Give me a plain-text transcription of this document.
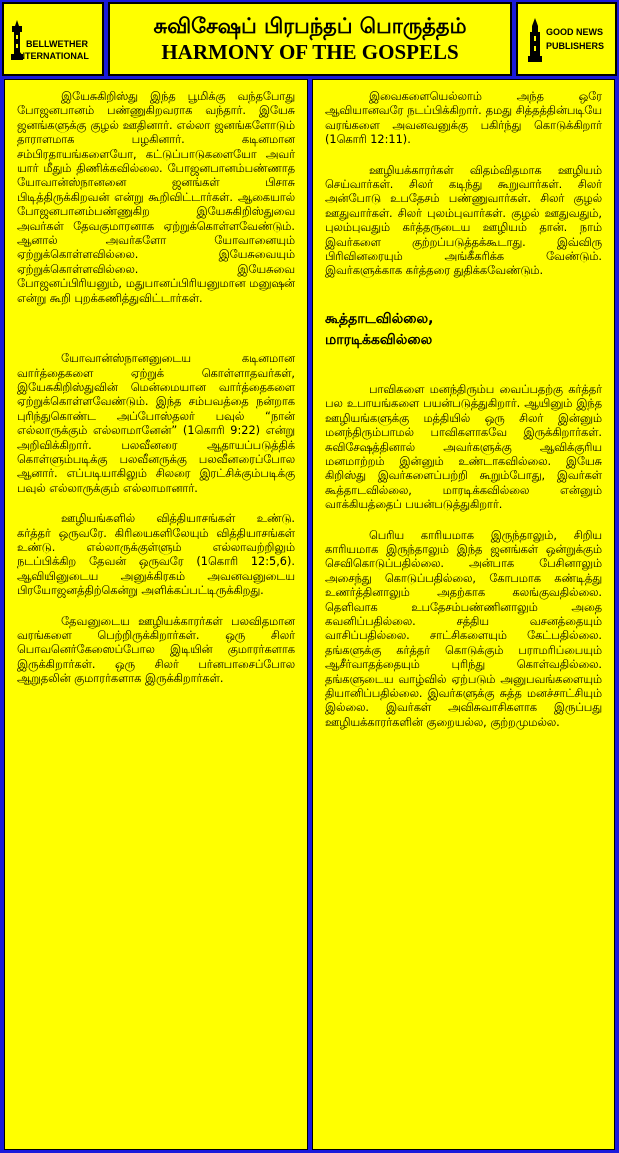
BELLWETHER
INTERNATIONAL
சுவிசேஷப் பிரபந்தப் பொருத்தம்
HARMONY OF THE GOSPELS
GOOD NEWS
PUBLISHERS

இயேசுகிறிஸ்து இந்த பூமிக்கு வந்தபோது போஜனபானம் பண்ணுகிறவராக வந்தார். இயேசு ஜனங்களுக்கு குழல் ஊதினார். எல்லா ஜனங்களோடும் தாராளமாக பழகினார். கடினமான சம்பிரதாயங்களையோ, கட்டுப்பாடுகளையோ அவர் யார் மீதும் திணிக்கவில்லை. போஜனபானம்பண்ணாத யோவான்ஸ்நானனை ஜனங்கள் பிசாசு பிடித்திருக்கிறவன் என்று கூறிவிட்டார்கள். ஆகையால் போஜனபானம்பண்ணுகிற இயேசுகிறிஸ்துவை அவர்கள் தேவகுமாரனாக ஏற்றுக்கொள்ளவேண்டும். ஆனால் அவர்களோ யோவானையும் ஏற்றுக்கொள்ளவில்லை. இயேசுவையும் ஏற்றுக்கொள்ளவில்லை. இயேசுவை போஜனப்பிரியனும், மதுபானப்பிரியனுமான மனுஷன் என்று கூறி புறக்கணித்துவிட்டார்கள்.

யோவான்ஸ்நானனுடைய கடினமான வார்த்தைகளை ஏற்றுக் கொள்ளாதவர்கள், இயேசுகிறிஸ்துவின் மென்மையான வார்த்தைகளை ஏற்றுக்கொள்ளவேண்டும். இந்த சம்பவத்தை நன்றாக புரிந்துகொண்ட அப்போஸ்தலர் பவுல் “நான் எல்லாருக்கும் எல்லாமானேன்” (1கொரி 9:22) என்று அறிவிக்கிறார். பலவீனரை ஆதாயப்படுத்திக் கொள்ளும்படிக்கு பலவீனருக்கு பலவீனரைப்போல ஆனார். எப்படியாகிலும் சிலரை இரட்சிக்கும்படிக்கு பவுல் எல்லாருக்கும் எல்லாமானார்.

ஊழியங்களில் வித்தியாசங்கள் உண்டு. கர்த்தர் ஒருவரே. கிரியைகளிலேயும் வித்தியாசங்கள் உண்டு. எல்லாருக்குள்ளும் எல்லாவற்றிலும் நடப்பிக்கிற தேவன் ஒருவரே (1கொரி 12:5,6). ஆவியினுடைய அனுக்கிரகம் அவனவனுடைய பிரயோஜனத்திற்கென்று அளிக்கப்பட்டிருக்கிறது.

தேவனுடைய ஊழியக்காரர்கள் பலவிதமான வரங்களை பெற்றிருக்கிறார்கள். ஒரு சிலர் பொவனெர்கேஸைப்போல இடியின் குமாரர்களாக இருக்கிறார்கள். ஒரு சிலர் பர்னபாசைப்போல ஆறுதலின் குமாரர்களாக இருக்கிறார்கள்.

இவைகளையெல்லாம் அந்த ஒரே ஆவியானவரே நடப்பிக்கிறார். தமது சித்தத்தின்படியே வரங்களை அவனவனுக்கு பகிர்ந்து கொடுக்கிறார் (1கொரி 12:11).

ஊழியக்காரர்கள் விதம்விதமாக ஊழியம் செய்வார்கள். சிலர் கடிந்து கூறுவார்கள். சிலர் அன்போடு உபதேசம் பண்ணுவார்கள். சிலர் குழல் ஊதுவார்கள். சிலர் புலம்புவார்கள். குழல் ஊதுவதும், புலம்புவதும் கர்த்தருடைய ஊழியம் தான். நாம் இவர்களை குற்றப்படுத்தக்கூடாது. இவ்விரு பிரிவினரையும் அங்கீகரிக்க வேண்டும். இவர்களுக்காக கர்த்தரை துதிக்கவேண்டும்.

கூத்தாடவில்லை,
மாரடிக்கவில்லை

பாவிகளை மனந்திரும்ப வைப்பதற்கு கர்த்தர் பல உபாயங்களை பயன்படுத்துகிறார். ஆயினும் இந்த ஊழியங்களுக்கு மத்தியில் ஒரு சிலர் இன்னும் மனந்திரும்பாமல் பாவிகளாகவே இருக்கிறார்கள். சுவிசேஷத்தினால் அவர்களுக்கு ஆவிக்குரிய மனமாற்றம் இன்னும் உண்டாகவில்லை. இயேசு கிறிஸ்து இவர்களைப்பற்றி கூறும்போது, இவர்கள் கூத்தாடவில்லை, மாரடிக்கவில்லை என்னும் வாக்கியத்தைப் பயன்படுத்துகிறார்.

பெரிய காரியமாக இருந்தாலும், சிறிய காரியமாக இருந்தாலும் இந்த ஜனங்கள் ஒன்றுக்கும் செவிகொடுப்பதில்லை. அன்பாக பேசினாலும் அசைந்து கொடுப்பதில்லை, கோபமாக கண்டித்து உணர்த்தினாலும் அதற்காக கலங்குவதில்லை. தெளிவாக உபதேசம்பண்ணினாலும் அதை கவனிப்பதில்லை. சத்திய வசனத்தையும் வாசிப்பதில்லை. சாட்சிகளையும் கேட்பதில்லை. தங்களுக்கு கர்த்தர் கொடுக்கும் பராமரிப்பையும் ஆசீர்வாதத்தையும் புரிந்து கொள்வதில்லை. தங்களுடைய வாழ்வில் ஏற்படும் அனுபவங்களையும் தியானிப்பதில்லை. இவர்களுக்கு சுத்த மனச்சாட்சியும் இல்லை. இவர்கள் அவிசுவாசிகளாக இருப்பது ஊழியக்காரர்களின் குறையல்ல, குற்றமுமல்ல.
